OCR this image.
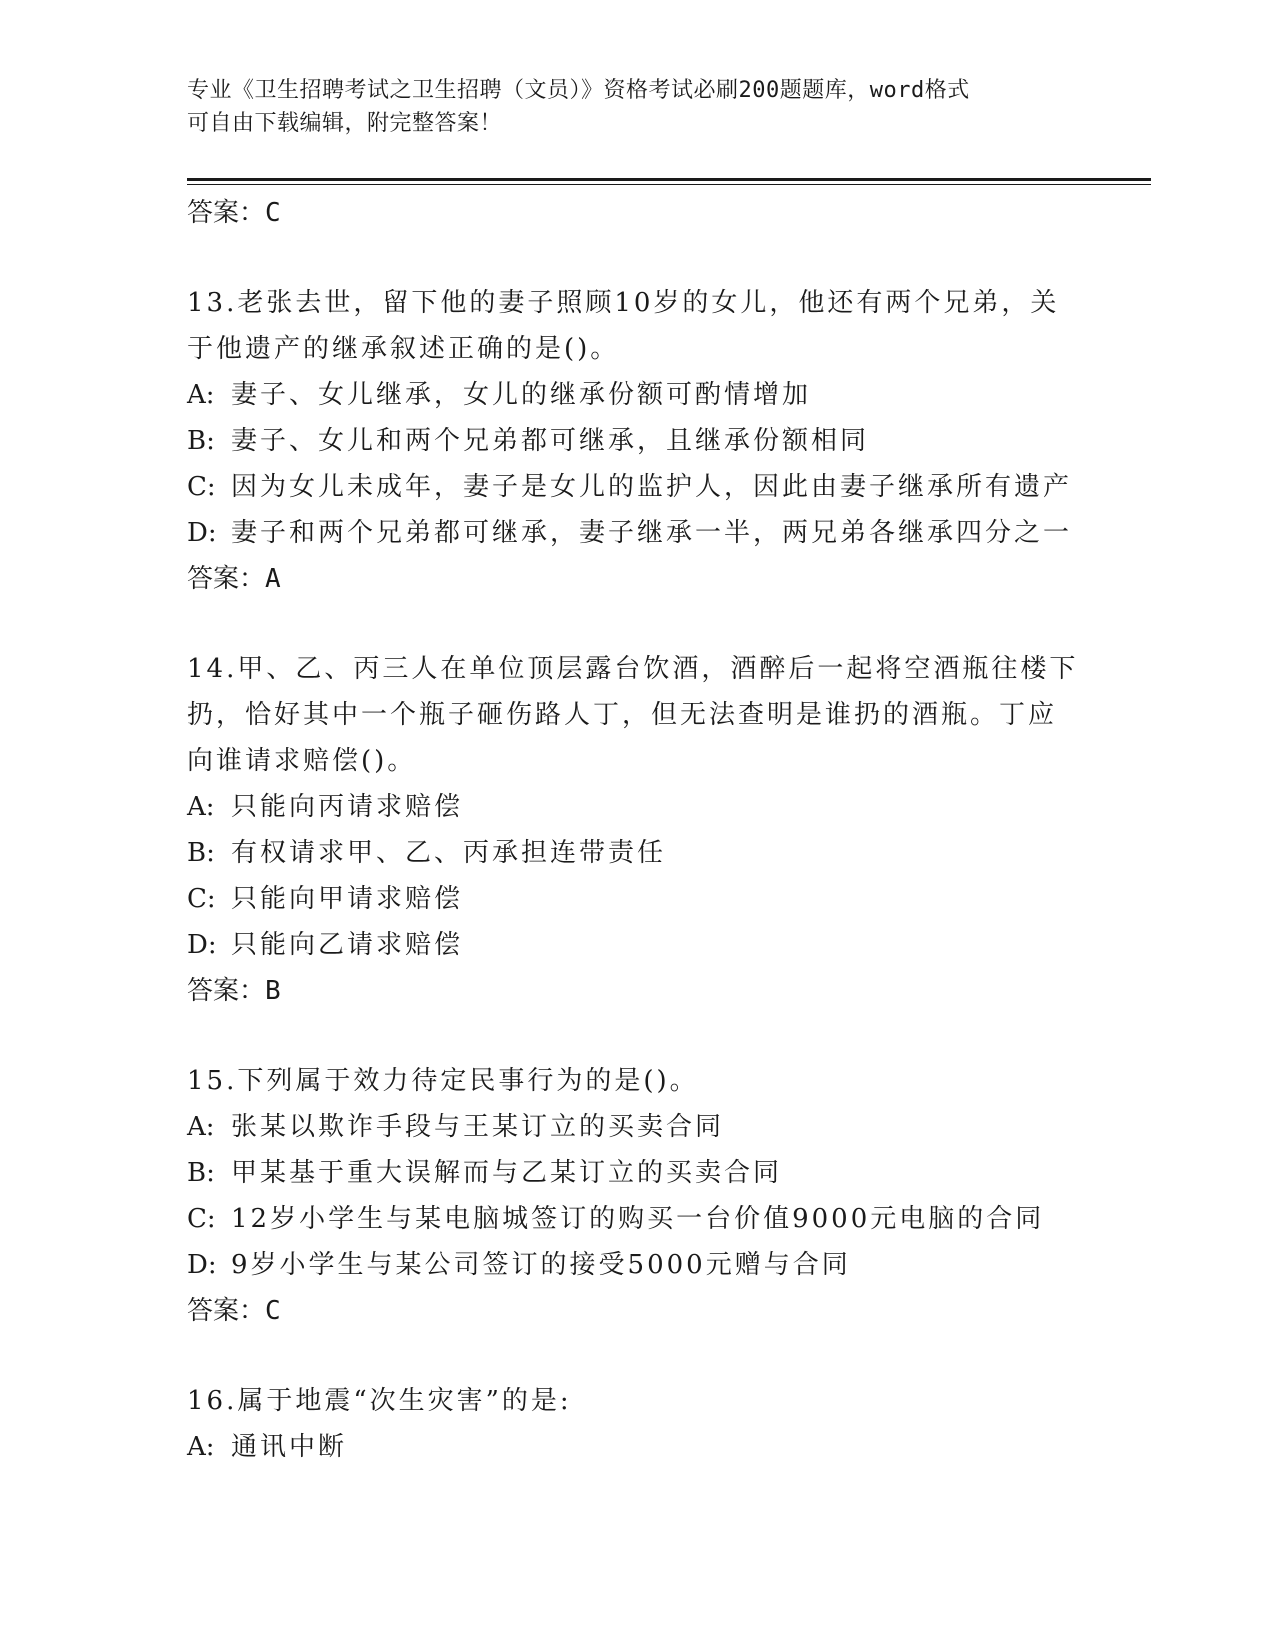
专业《卫生招聘考试之卫生招聘（文员）》资格考试必刷200题题库，word格式
可自由下载编辑，附完整答案！
答案：C
13.老张去世，留下他的妻子照顾10岁的女儿，他还有两个兄弟，关
于他遗产的继承叙述正确的是()。
A: 妻子、女儿继承，女儿的继承份额可酌情增加
B: 妻子、女儿和两个兄弟都可继承，且继承份额相同
C: 因为女儿未成年，妻子是女儿的监护人，因此由妻子继承所有遗产
D: 妻子和两个兄弟都可继承，妻子继承一半，两兄弟各继承四分之一
答案：A
14.甲、乙、丙三人在单位顶层露台饮酒，酒醉后一起将空酒瓶往楼下
扔，恰好其中一个瓶子砸伤路人丁，但无法查明是谁扔的酒瓶。丁应
向谁请求赔偿()。
A: 只能向丙请求赔偿
B: 有权请求甲、乙、丙承担连带责任
C: 只能向甲请求赔偿
D: 只能向乙请求赔偿
答案：B
15.下列属于效力待定民事行为的是()。
A: 张某以欺诈手段与王某订立的买卖合同
B: 甲某基于重大误解而与乙某订立的买卖合同
C: 12岁小学生与某电脑城签订的购买一台价值9000元电脑的合同
D: 9岁小学生与某公司签订的接受5000元赠与合同
答案：C
16.属于地震“次生灾害”的是:
A: 通讯中断
